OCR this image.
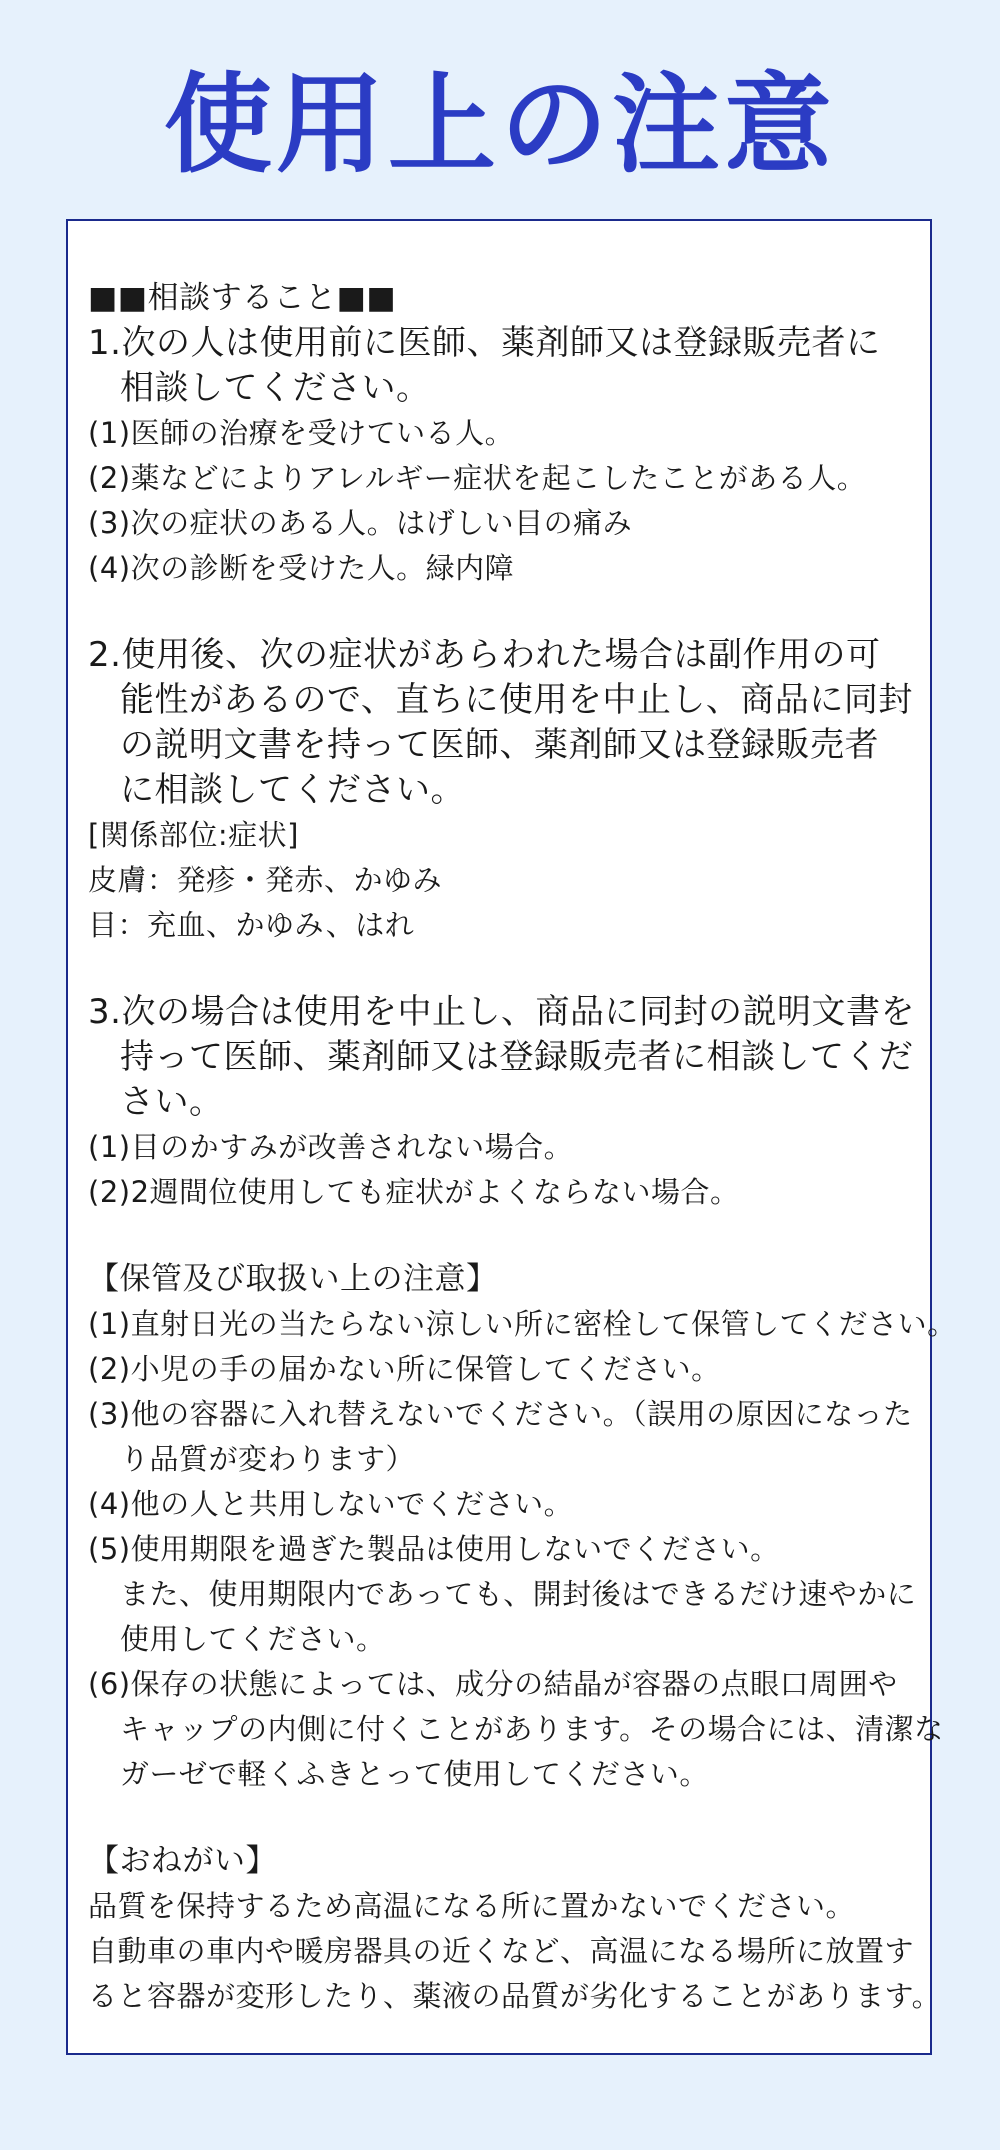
使用上の注意
■■相談すること■■
1.次の人は使用前に医師、薬剤師又は登録販売者に
相談してください。
(1)医師の治療を受けている人。
(2)薬などによりアレルギー症状を起こしたことがある人。
(3)次の症状のある人。はげしい目の痛み
(4)次の診断を受けた人。緑内障
2.使用後、次の症状があらわれた場合は副作用の可
能性があるので、直ちに使用を中止し、商品に同封
の説明文書を持って医師、薬剤師又は登録販売者
に相談してください。
[関係部位:症状]
皮膚：発疹・発赤、かゆみ
目：充血、かゆみ、はれ
3.次の場合は使用を中止し、商品に同封の説明文書を
持って医師、薬剤師又は登録販売者に相談してくだ
さい。
(1)目のかすみが改善されない場合。
(2)2週間位使用しても症状がよくならない場合。
【保管及び取扱い上の注意】
(1)直射日光の当たらない涼しい所に密栓して保管してください。
(2)小児の手の届かない所に保管してください。
(3)他の容器に入れ替えないでください。（誤用の原因になった
り品質が変わります）
(4)他の人と共用しないでください。
(5)使用期限を過ぎた製品は使用しないでください。
また、使用期限内であっても、開封後はできるだけ速やかに
使用してください。
(6)保存の状態によっては、成分の結晶が容器の点眼口周囲や
キャップの内側に付くことがあります。その場合には、清潔な
ガーゼで軽くふきとって使用してください。
【おねがい】
品質を保持するため高温になる所に置かないでください。
自動車の車内や暖房器具の近くなど、高温になる場所に放置す
ると容器が変形したり、薬液の品質が劣化することがあります。
